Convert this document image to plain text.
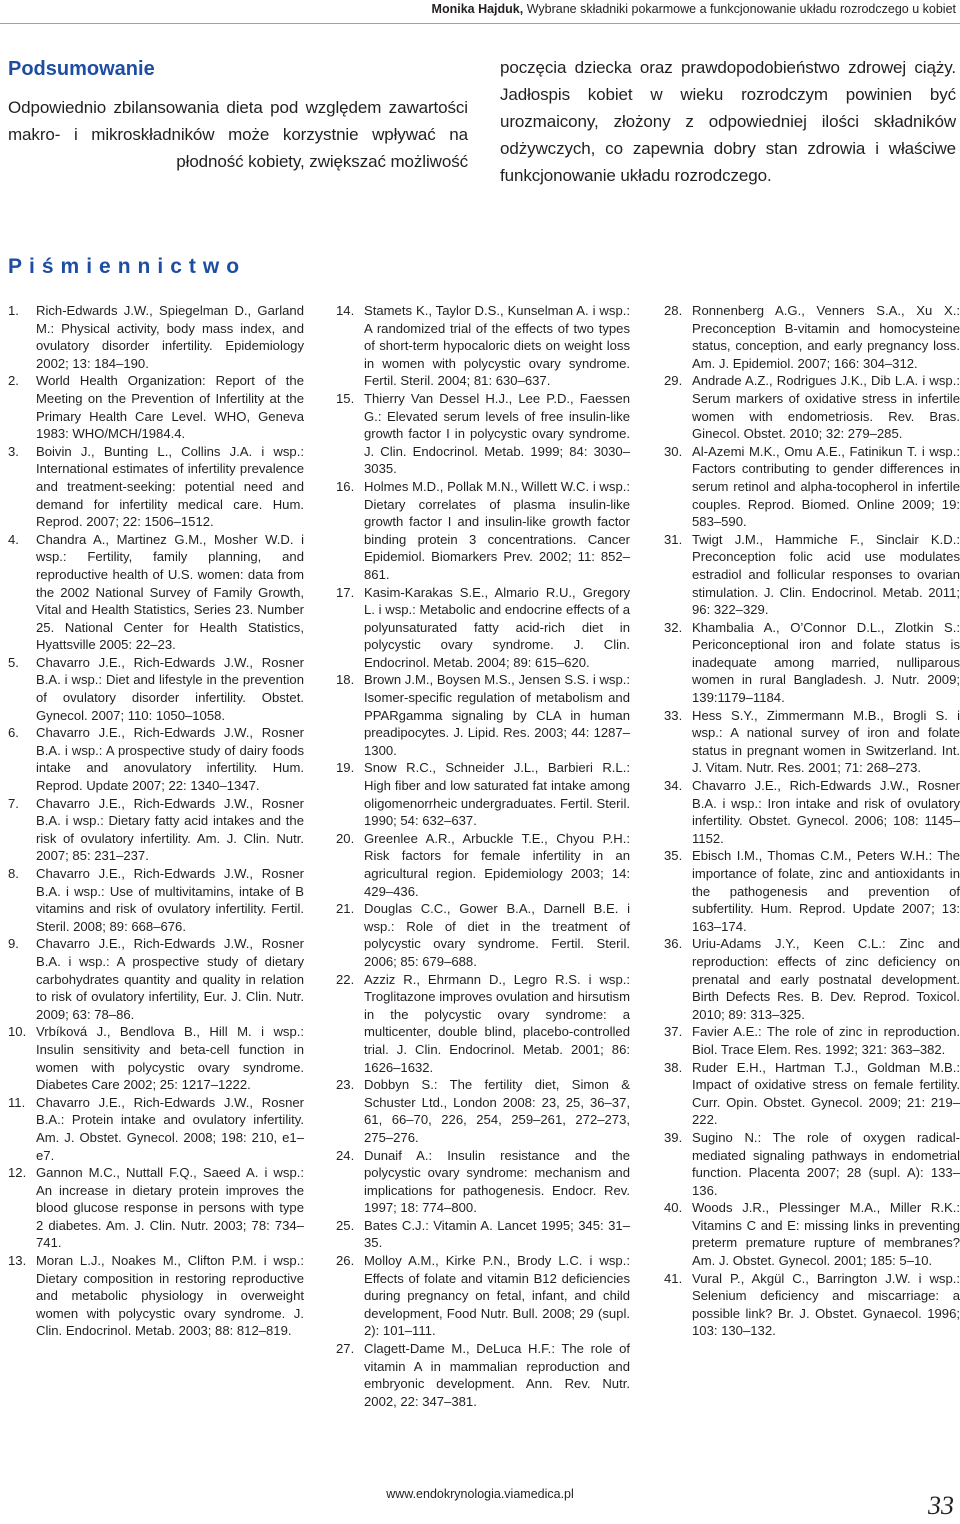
Monika Hajduk, Wybrane składniki pokarmowe a funkcjonowanie układu rozrodczego u kobiet
Podsumowanie

Odpowiednio zbilansowania dieta pod względem zawartości makro- i mikroskładników może korzystnie wpływać na płodność kobiety, zwiększać możliwość

poczęcia dziecka oraz prawdopodobieństwo zdrowej ciąży. Jadłospis kobiet w wieku rozrodczym powinien być urozmaicony, złożony z odpowiedniej ilości składników odżywczych, co zapewnia dobry stan zdrowia i właściwe funkcjonowanie układu rozrodczego.

Piśmiennictwo
1.	Rich-Edwards J.W., Spiegelman D., Garland M.: Physical activity, body mass index, and ovulatory disorder infertility. Epidemiology 2002; 13: 184–190.
2.	World Health Organization: Report of the Meeting on the Prevention of Infertility at the Primary Health Care Level. WHO, Geneva 1983: WHO/MCH/1984.4.
3.	Boivin J., Bunting L., Collins J.A. i wsp.: International estimates of infertility prevalence and treatment-seeking: potential need and demand for infertility medical care. Hum. Reprod. 2007; 22: 1506–1512.
4.	Chandra A., Martinez G.M., Mosher W.D. i wsp.: Fertility, family planning, and reproductive health of U.S. women: data from the 2002 National Survey of Family Growth, Vital and Health Statistics, Series 23. Number 25. National Center for Health Statistics, Hyattsville 2005: 22–23.
5.	Chavarro J.E., Rich-Edwards J.W., Rosner B.A. i wsp.: Diet and lifestyle in the prevention of ovulatory disorder infertility. Obstet. Gynecol. 2007; 110: 1050–1058.
6.	Chavarro J.E., Rich-Edwards J.W., Rosner B.A. i wsp.: A prospective study of dairy foods intake and anovulatory infertility. Hum. Reprod. Update 2007; 22: 1340–1347.
7.	Chavarro J.E., Rich-Edwards J.W., Rosner B.A. i wsp.: Dietary fatty acid intakes and the risk of ovulatory infertility. Am. J. Clin. Nutr. 2007; 85: 231–237.
8.	Chavarro J.E., Rich-Edwards J.W., Rosner B.A. i wsp.: Use of multivitamins, intake of B vitamins and risk of ovulatory infertility. Fertil. Steril. 2008; 89: 668–676.
9.	Chavarro J.E., Rich-Edwards J.W., Rosner B.A. i wsp.: A prospective study of dietary carbohydrates quantity and quality in relation to risk of ovulatory infertility, Eur. J. Clin. Nutr. 2009; 63: 78–86.
10. Vrbíková J., Bendlova B., Hill M. i wsp.: Insulin sensitivity and beta-cell function in women with polycystic ovary syndrome. Diabetes Care 2002; 25: 1217–1222.
11. Chavarro J.E., Rich-Edwards J.W., Rosner B.A.: Protein intake and ovulatory infertility. Am. J. Obstet. Gynecol. 2008; 198: 210, e1–e7.
12. Gannon M.C., Nuttall F.Q., Saeed A. i wsp.: An increase in dietary protein improves the blood glucose response in persons with type 2 diabetes. Am. J. Clin. Nutr. 2003; 78: 734–741.
13. Moran L.J., Noakes M., Clifton P.M. i wsp.: Dietary composition in restoring reproductive and metabolic physiology in overweight women with polycystic ovary syndrome. J. Clin. Endocrinol. Metab. 2003; 88: 812–819.
14. Stamets K., Taylor D.S., Kunselman A. i wsp.: A randomized trial of the effects of two types of short-term hypocaloric diets on weight loss in women with polycystic ovary syndrome. Fertil. Steril. 2004; 81: 630–637.
15. Thierry Van Dessel H.J., Lee P.D., Faessen G.: Elevated serum levels of free insulin-like growth factor I in polycystic ovary syndrome. J. Clin. Endocrinol. Metab. 1999; 84: 3030–3035.
16. Holmes M.D., Pollak M.N., Willett W.C. i wsp.: Dietary correlates of plasma insulin-like growth factor I and insulin-like growth factor binding protein 3 concentrations. Cancer Epidemiol. Biomarkers Prev. 2002; 11: 852–861.
17. Kasim-Karakas S.E., Almario R.U., Gregory L. i wsp.: Metabolic and endocrine effects of a polyunsaturated fatty acid-rich diet in polycystic ovary syndrome. J. Clin. Endocrinol. Metab. 2004; 89: 615–620.
18. Brown J.M., Boysen M.S., Jensen S.S. i wsp.: Isomer-specific regulation of metabolism and PPARgamma signaling by CLA in human preadipocytes. J. Lipid. Res. 2003; 44: 1287–1300.
19. Snow R.C., Schneider J.L., Barbieri R.L.: High fiber and low saturated fat intake among oligomenorrheic undergraduates. Fertil. Steril. 1990; 54: 632–637.
20. Greenlee A.R., Arbuckle T.E., Chyou P.H.: Risk factors for female infertility in an agricultural region. Epidemiology 2003; 14: 429–436.
21. Douglas C.C., Gower B.A., Darnell B.E. i wsp.: Role of diet in the treatment of polycystic ovary syndrome. Fertil. Steril. 2006; 85: 679–688.
22. Azziz R., Ehrmann D., Legro R.S. i wsp.: Troglitazone improves ovulation and hirsutism in the polycystic ovary syndrome: a multicenter, double blind, placebo-controlled trial. J. Clin. Endocrinol. Metab. 2001; 86: 1626–1632.
23. Dobbyn S.: The fertility diet, Simon & Schuster Ltd., London 2008: 23, 25, 36–37, 61, 66–70, 226, 254, 259–261, 272–273, 275–276.
24. Dunaif A.: Insulin resistance and the polycystic ovary syndrome: mechanism and implications for pathogenesis. Endocr. Rev. 1997; 18: 774–800.
25. Bates C.J.: Vitamin A. Lancet 1995; 345: 31–35.
26. Molloy A.M., Kirke P.N., Brody L.C. i wsp.: Effects of folate and vitamin B12 deficiencies during pregnancy on fetal, infant, and child development, Food Nutr. Bull. 2008; 29 (supl. 2): 101–111.
27. Clagett-Dame M., DeLuca H.F.: The role of vitamin A in mammalian reproduction and embryonic development. Ann. Rev. Nutr. 2002, 22: 347–381.
28. Ronnenberg A.G., Venners S.A., Xu X.: Preconception B-vitamin and homocysteine status, conception, and early pregnancy loss. Am. J. Epidemiol. 2007; 166: 304–312.
29. Andrade A.Z., Rodrigues J.K., Dib L.A. i wsp.: Serum markers of oxidative stress in infertile women with endometriosis. Rev. Bras. Ginecol. Obstet. 2010; 32: 279–285.
30. Al-Azemi M.K., Omu A.E., Fatinikun T. i wsp.: Factors contributing to gender differences in serum retinol and alpha-tocopherol in infertile couples. Reprod. Biomed. Online 2009; 19: 583–590.
31. Twigt J.M., Hammiche F., Sinclair K.D.: Preconception folic acid use modulates estradiol and follicular responses to ovarian stimulation. J. Clin. Endocrinol. Metab. 2011; 96: 322–329.
32. Khambalia A., O’Connor D.L., Zlotkin S.: Periconceptional iron and folate status is inadequate among married, nulliparous women in rural Bangladesh. J. Nutr. 2009; 139:1179–1184.
33. Hess S.Y., Zimmermann M.B., Brogli S. i wsp.: A national survey of iron and folate status in pregnant women in Switzerland. Int. J. Vitam. Nutr. Res. 2001; 71: 268–273.
34. Chavarro J.E., Rich-Edwards J.W., Rosner B.A. i wsp.: Iron intake and risk of ovulatory infertility. Obstet. Gynecol. 2006; 108: 1145–1152.
35. Ebisch I.M., Thomas C.M., Peters W.H.: The importance of folate, zinc and antioxidants in the pathogenesis and prevention of subfertility. Hum. Reprod. Update 2007; 13: 163–174.
36. Uriu-Adams J.Y., Keen C.L.: Zinc and reproduction: effects of zinc deficiency on prenatal and early postnatal development. Birth Defects Res. B. Dev. Reprod. Toxicol. 2010; 89: 313–325.
37. Favier A.E.: The role of zinc in reproduction. Biol. Trace Elem. Res. 1992; 321: 363–382.
38. Ruder E.H., Hartman T.J., Goldman M.B.: Impact of oxidative stress on female fertility. Curr. Opin. Obstet. Gynecol. 2009; 21: 219–222.
39. Sugino N.: The role of oxygen radical-mediated signaling pathways in endometrial function. Placenta 2007; 28 (supl. A): 133–136.
40. Woods J.R., Plessinger M.A., Miller R.K.: Vitamins C and E: missing links in preventing preterm premature rupture of membranes? Am. J. Obstet. Gynecol. 2001; 185: 5–10.
41. Vural P., Akgül C., Barrington J.W. i wsp.: Selenium deficiency and miscarriage: a possible link? Br. J. Obstet. Gynaecol. 1996; 103: 130–132.
www.endokrynologia.viamedica.pl	33
